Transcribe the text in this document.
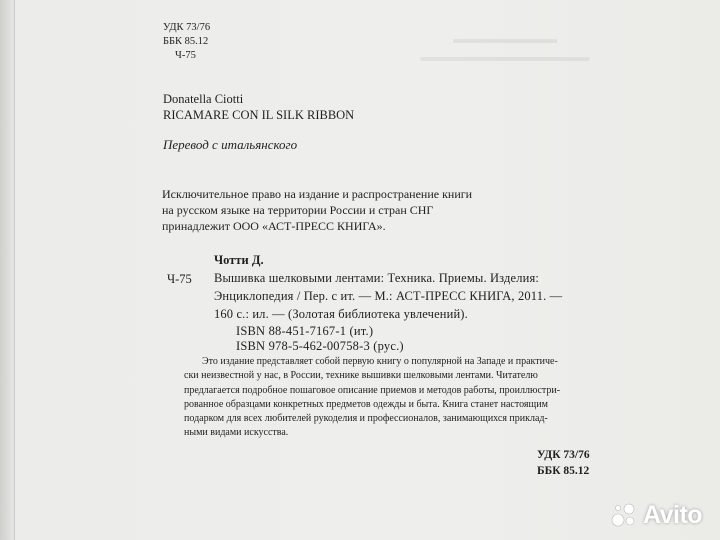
▬▬▬▬▬▬▬▬
▬▬▬▬▬▬▬▬▬▬▬▬▬
УДК 73/76
ББК 85.12
Ч-75
Donatella Ciotti
RICAMARE CON IL SILK RIBBON
Перевод с итальянского
Исключительное право на издание и распространение книги
на русском языке на территории России и стран СНГ
принадлежит ООО «АСТ-ПРЕСС КНИГА».
Чотти Д.
Ч-75 Вышивка шелковыми лентами: Техника. Приемы. Изделия:
Энциклопедия / Пер. с ит. — М.: АСТ-ПРЕСС КНИГА, 2011. —
160 с.: ил. — (Золотая библиотека увлечений).
ISBN 88-451-7167-1 (ит.)
ISBN 978-5-462-00758-3 (рус.)
Это издание представляет собой первую книгу о популярной на Западе и практиче-
ски неизвестной у нас, в России, технике вышивки шелковыми лентами. Читателю
предлагается подробное пошаговое описание приемов и методов работы, проиллюстри-
рованное образцами конкретных предметов одежды и быта. Книга станет настоящим
подарком для всех любителей рукоделия и профессионалов, занимающихся приклад-
ными видами искусства.
УДК 73/76
ББК 85.12
Avito
